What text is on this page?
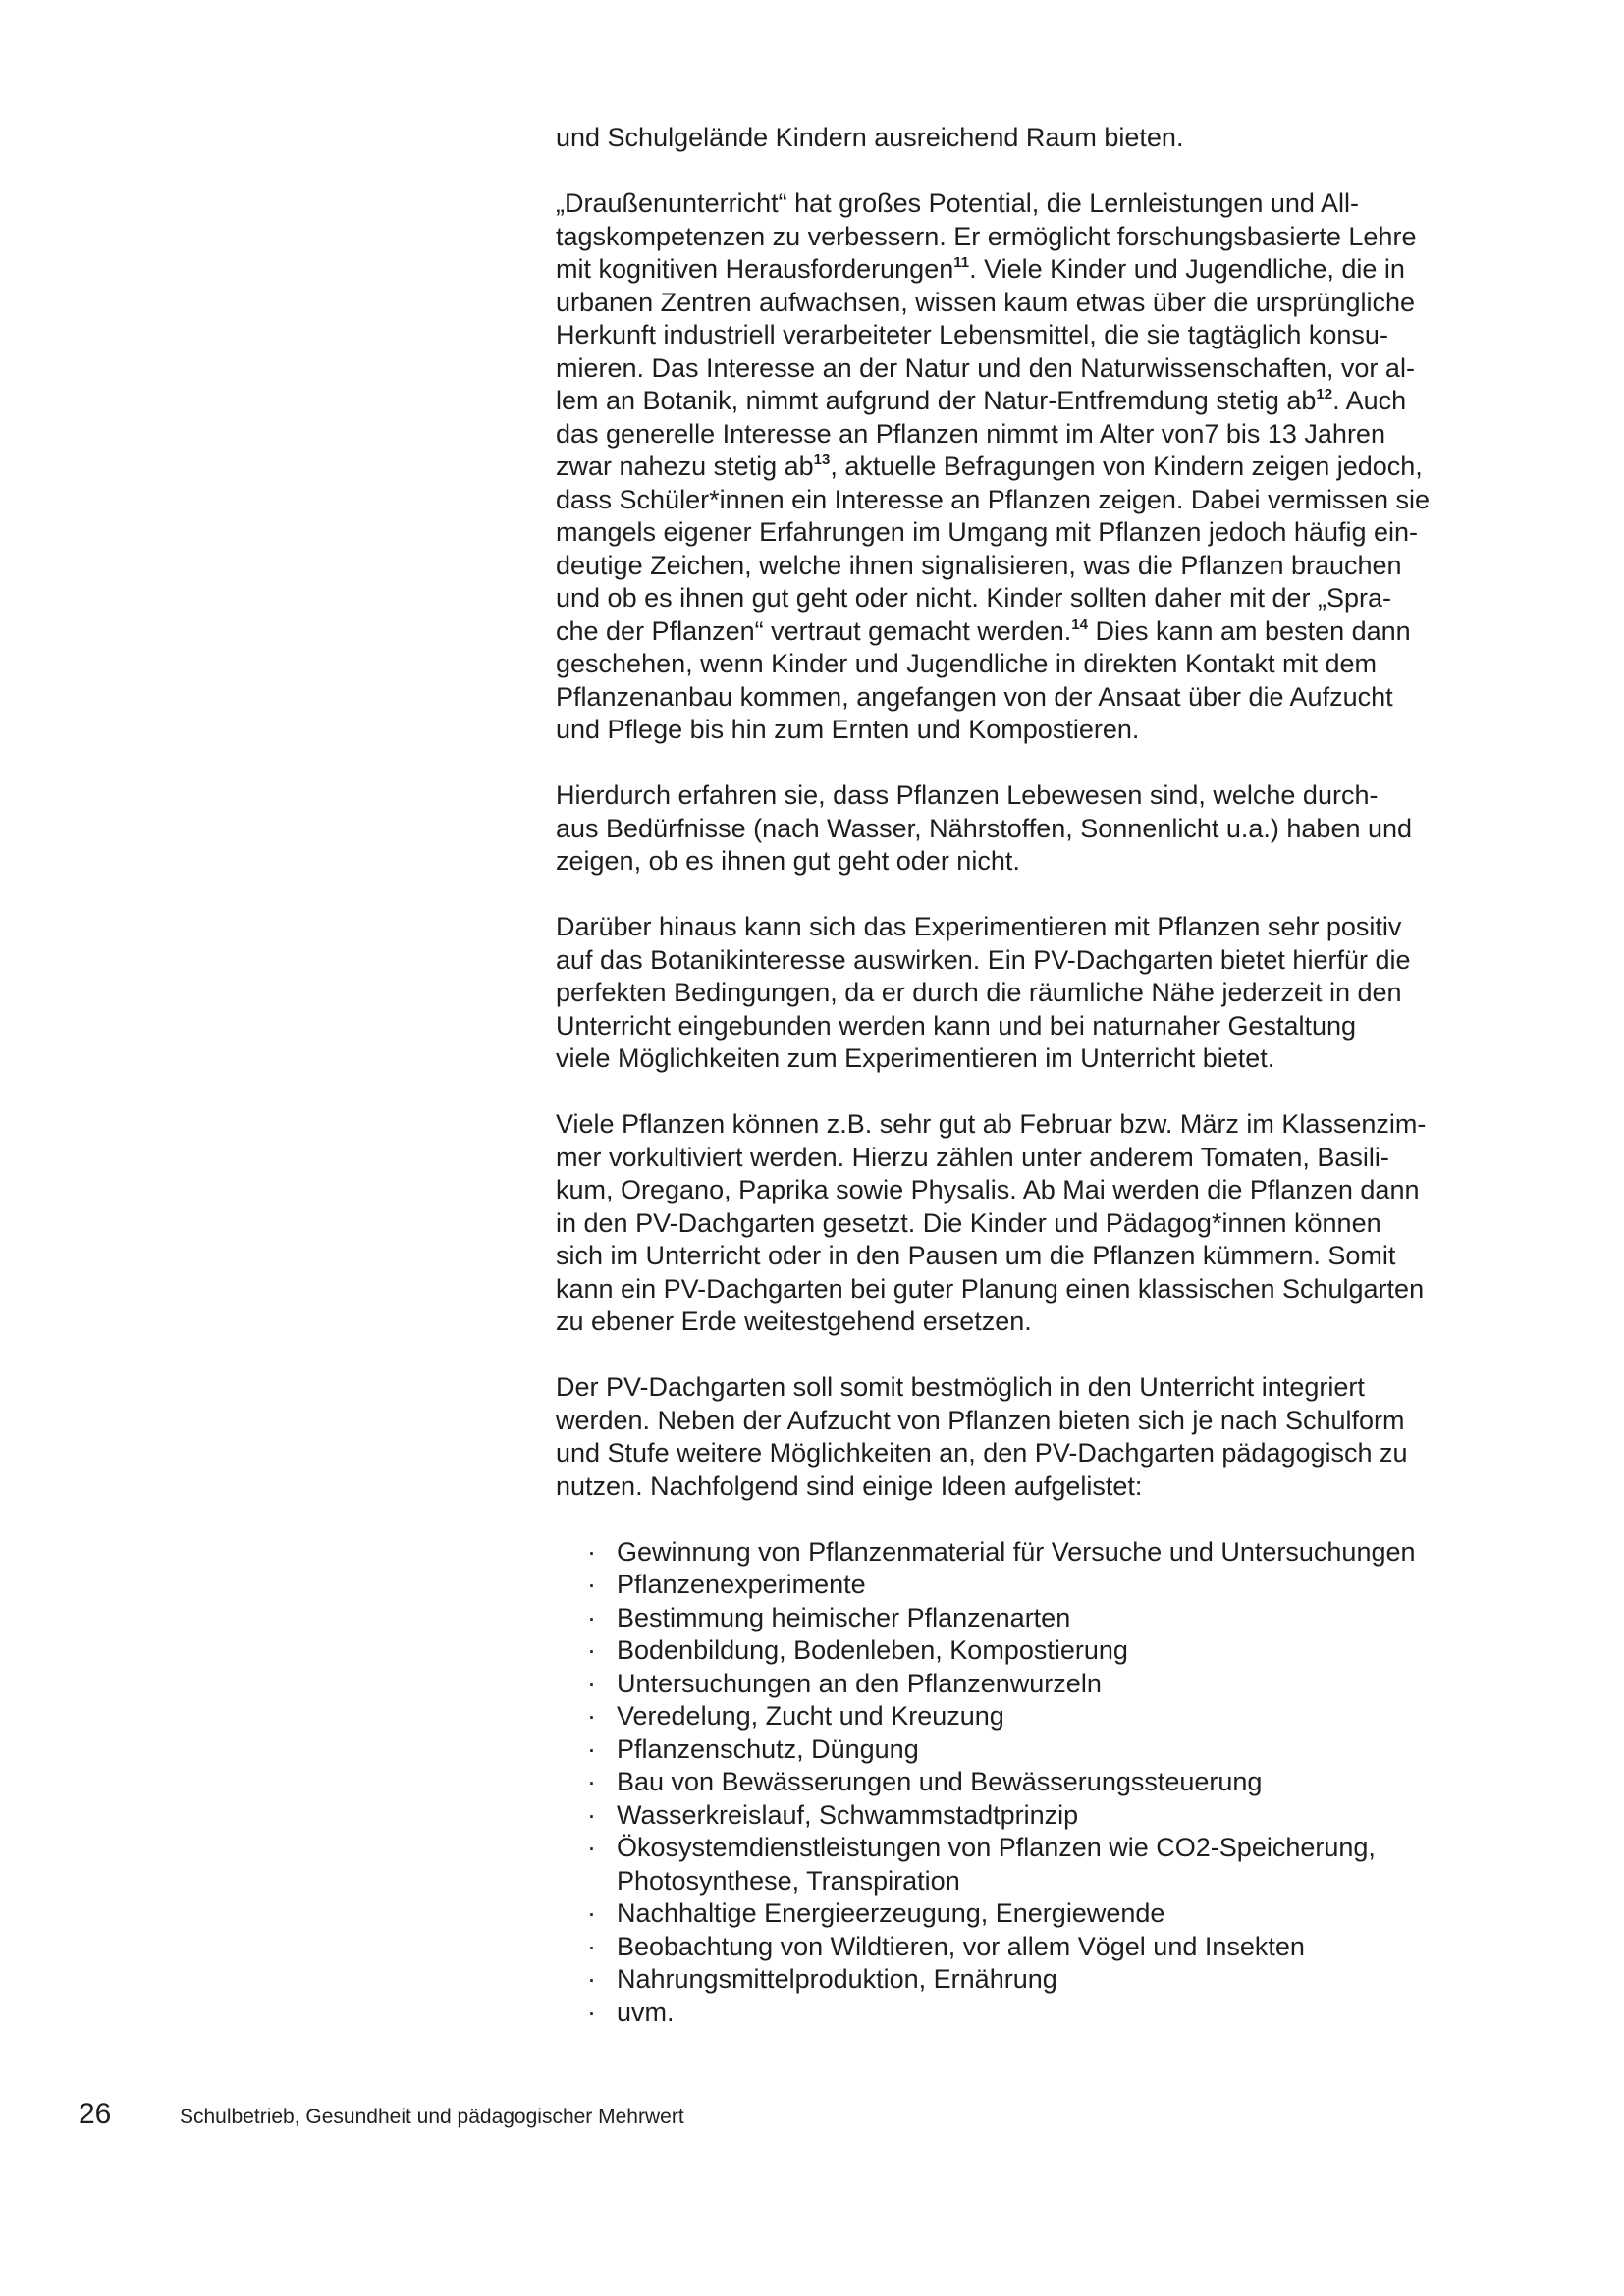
und Schulgelände Kindern ausreichend Raum bieten.
„Draußenunterricht“ hat großes Potential, die Lernleistungen und All-
tagskompetenzen zu verbessern. Er ermöglicht forschungsbasierte Lehre
mit kognitiven Herausforderungen$^{11}$. Viele Kinder und Jugendliche, die in
urbanen Zentren aufwachsen, wissen kaum etwas über die ursprüngliche
Herkunft industriell verarbeiteter Lebensmittel, die sie tagtäglich konsu-
mieren. Das Interesse an der Natur und den Naturwissenschaften, vor al-
lem an Botanik, nimmt aufgrund der Natur-Entfremdung stetig $ab^{12}$. Auch
das generelle Interesse an Pflanzen nimmt im Alter von7 bis 13 Jahren
zwar nahezu stetig $ab^{13}$, aktuelle Befragungen von Kindern zeigen jedoch,
dass Schüler*innen ein Interesse an Pflanzen zeigen. Dabei vermissen sie
mangels eigener Erfahrungen im Umgang mit Pflanzen jedoch häufig ein-
deutige Zeichen, welche ihnen signalisieren, was die Pflanzen brauchen
und ob es ihnen gut geht oder nicht. Kinder sollten daher mit der „Spra-
che der Pflanzen“ vertraut gemacht werden.$^{14}$ Dies kann am besten dann
geschehen, wenn Kinder und Jugendliche in direkten Kontakt mit dem
Pflanzenanbau kommen, angefangen von der Ansaat über die Aufzucht
und Pflege bis hin zum Ernten und Kompostieren.
Hierdurch erfahren sie, dass Pflanzen Lebewesen sind, welche durch-
aus Bedürfnisse (nach Wasser, Nährstoffen, Sonnenlicht u.a.) haben und
zeigen, ob es ihnen gut geht oder nicht.
Darüber hinaus kann sich das Experimentieren mit Pflanzen sehr positiv
auf das Botanikinteresse auswirken. Ein PV-Dachgarten bietet hierfür die
perfekten Bedingungen, da er durch die räumliche Nähe jederzeit in den
Unterricht eingebunden werden kann und bei naturnaher Gestaltung
viele Möglichkeiten zum Experimentieren im Unterricht bietet.
Viele Pflanzen können z.B. sehr gut ab Februar bzw. März im Klassenzim-
mer vorkultiviert werden. Hierzu zählen unter anderem Tomaten, Basili-
kum, Oregano, Paprika sowie Physalis. Ab Mai werden die Pflanzen dann
in den PV-Dachgarten gesetzt. Die Kinder und Pädagog*innen können
sich im Unterricht oder in den Pausen um die Pflanzen kümmern. Somit
kann ein PV-Dachgarten bei guter Planung einen klassischen Schulgarten
zu ebener Erde weitestgehend ersetzen.
Der PV-Dachgarten soll somit bestmöglich in den Unterricht integriert
werden. Neben der Aufzucht von Pflanzen bieten sich je nach Schulform
und Stufe weitere Möglichkeiten an, den PV-Dachgarten pädagogisch zu
nutzen. Nachfolgend sind einige Ideen aufgelistet:
· Gewinnung von Pflanzenmaterial für Versuche und Untersuchungen
· Pflanzenexperimente
· Bestimmung heimischer Pflanzenarten
· Bodenbildung, Bodenleben, Kompostierung
· Untersuchungen an den Pflanzenwurzeln
· Veredelung, Zucht und Kreuzung
· Pflanzenschutz, Düngung
· Bau von Bewässerungen und Bewässerungssteuerung
· Wasserkreislauf, Schwammstadtprinzip
· Ökosystemdienstleistungen von Pflanzen wie CO2-Speicherung,
Photosynthese, Transpiration
· Nachhaltige Energieerzeugung, Energiewende
· Beobachtung von Wildtieren, vor allem Vögel und Insekten
· Nahrungsmittelproduktion, Ernährung
· uvm.
26	Schulbetrieb, Gesundheit und pädagogischer Mehrwert
